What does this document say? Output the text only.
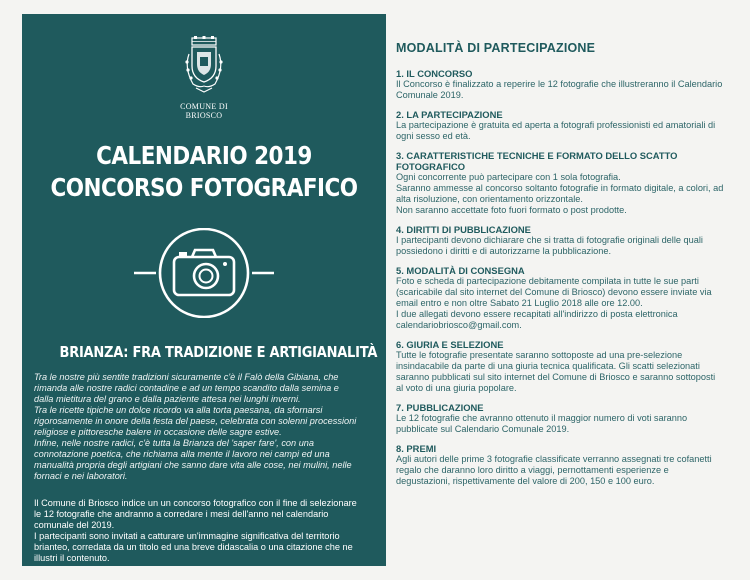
COMUNE DI
BRIOSCO
CALENDARIO 2019
CONCORSO FOTOGRAFICO
BRIANZA: FRA TRADIZIONE E ARTIGIANALITÀ

Tra le nostre più sentite tradizioni sicuramente c'è il Falò della Gibiana, che

rimanda alle nostre radici contadine e ad un tempo scandito dalla semina e

dalla mietitura del grano e dalla paziente attesa nei lunghi inverni.

Tra le ricette tipiche un dolce ricordo va alla torta paesana, da sfornarsi

rigorosamente in onore della festa del paese, celebrata con solenni processioni

religiose e pittoresche balere in occasione delle sagre estive.

Infine, nelle nostre radici, c'è tutta la Brianza del 'saper fare', con una

connotazione poetica, che richiama alla mente il lavoro nei campi ed una

manualità propria degli artigiani che sanno dare vita alle cose, nei mulini, nelle

fornaci e nei laboratori.

Il Comune di Briosco indice un un concorso fotografico con il fine di selezionare

le 12 fotografie che andranno a corredare i mesi dell'anno nel calendario

comunale del 2019.

I partecipanti sono invitati a catturare un'immagine significativa del territorio

brianteo, corredata da un titolo ed una breve didascalia o una citazione che ne

illustri il contenuto.

MODALITÀ DI PARTECIPAZIONE
1. IL CONCORSO

Il Concorso è finalizzato a reperire le 12 fotografie che illustreranno il Calendario

Comunale 2019.

2. LA PARTECIPAZIONE

La partecipazione è gratuita ed aperta a fotografi professionisti ed amatoriali di

ogni sesso ed età.

3. CARATTERISTICHE TECNICHE E FORMATO DELLO SCATTO
FOTOGRAFICO

Ogni concorrente può partecipare con 1 sola fotografia.

Saranno ammesse al concorso soltanto fotografie in formato digitale, a colori, ad

alta risoluzione, con orientamento orizzontale.

Non saranno accettate foto fuori formato o post prodotte.

4. DIRITTI DI PUBBLICAZIONE

I partecipanti devono dichiarare che si tratta di fotografie originali delle quali

possiedono i diritti e di autorizzarne la pubblicazione.

5. MODALITÀ DI CONSEGNA

Foto e scheda di partecipazione debitamente compilata in tutte le sue parti

(scaricabile dal sito internet del Comune di Briosco) devono essere inviate via

email entro e non oltre Sabato 21 Luglio 2018 alle ore 12.00.

I due allegati devono essere recapitati all'indirizzo di posta elettronica

calendariobriosco@gmail.com.

6. GIURIA E SELEZIONE

Tutte le fotografie presentate saranno sottoposte ad una pre-selezione

insindacabile da parte di una giuria tecnica qualificata. Gli scatti selezionati

saranno pubblicati sul sito internet del Comune di Briosco e saranno sottoposti

al voto di una giuria popolare.

7. PUBBLICAZIONE

Le 12 fotografie che avranno ottenuto il maggior numero di voti saranno

pubblicate sul Calendario Comunale 2019.

8. PREMI

Agli autori delle prime 3 fotografie classificate verranno assegnati tre cofanetti

regalo che daranno loro diritto a viaggi, pernottamenti esperienze e

degustazioni, rispettivamente del valore di 200, 150 e 100 euro.
